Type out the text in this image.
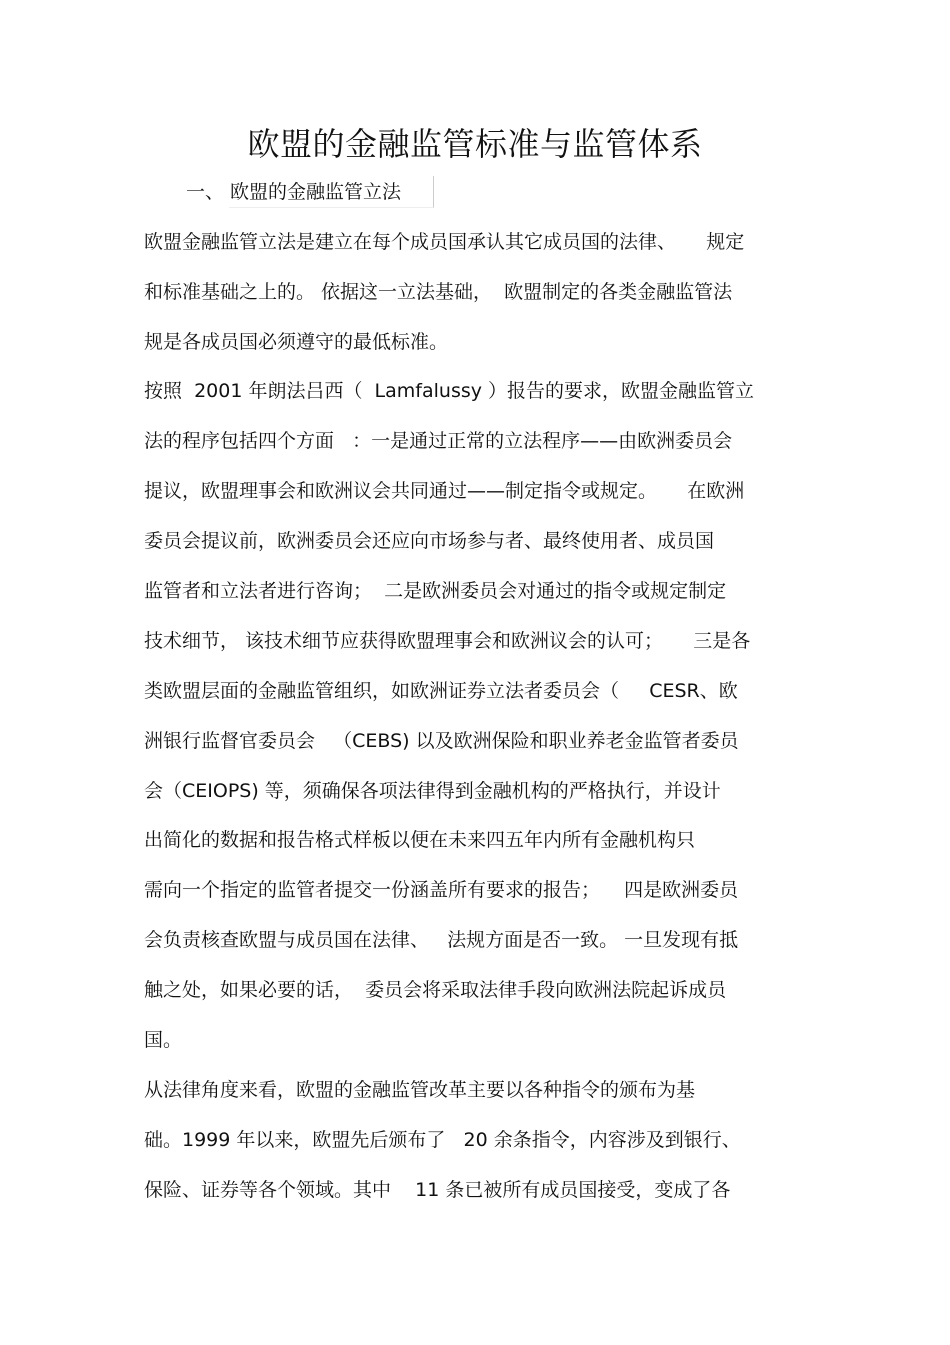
欧盟的金融监管标准与监管体系
一、 欧盟的金融监管立法
欧盟金融监管立法是建立在每个成员国承认其它成员国的法律、     规定
和标准基础之上的。 依据这一立法基础，  欧盟制定的各类金融监管法
规是各成员国必须遵守的最低标准。
按照  2001 年朗法吕西（  Lamfalussy ）报告的要求，欧盟金融监管立
法的程序包括四个方面   ：一是通过正常的立法程序——由欧洲委员会
提议，欧盟理事会和欧洲议会共同通过——制定指令或规定。     在欧洲
委员会提议前，欧洲委员会还应向市场参与者、最终使用者、成员国
监管者和立法者进行咨询；  二是欧洲委员会对通过的指令或规定制定
技术细节， 该技术细节应获得欧盟理事会和欧洲议会的认可；     三是各
类欧盟层面的金融监管组织，如欧洲证券立法者委员会（     CESR、欧
洲银行监督官委员会   （CEBS) 以及欧洲保险和职业养老金监管者委员
会（CEIOPS) 等，须确保各项法律得到金融机构的严格执行，并设计
出简化的数据和报告格式样板以便在未来四五年内所有金融机构只
需向一个指定的监管者提交一份涵盖所有要求的报告；    四是欧洲委员
会负责核查欧盟与成员国在法律、   法规方面是否一致。 一旦发现有抵
触之处，如果必要的话，  委员会将采取法律手段向欧洲法院起诉成员
国。
从法律角度来看，欧盟的金融监管改革主要以各种指令的颁布为基
础。1999 年以来，欧盟先后颁布了   20 余条指令，内容涉及到银行、
保险、证券等各个领域。其中    11 条已被所有成员国接受，变成了各
